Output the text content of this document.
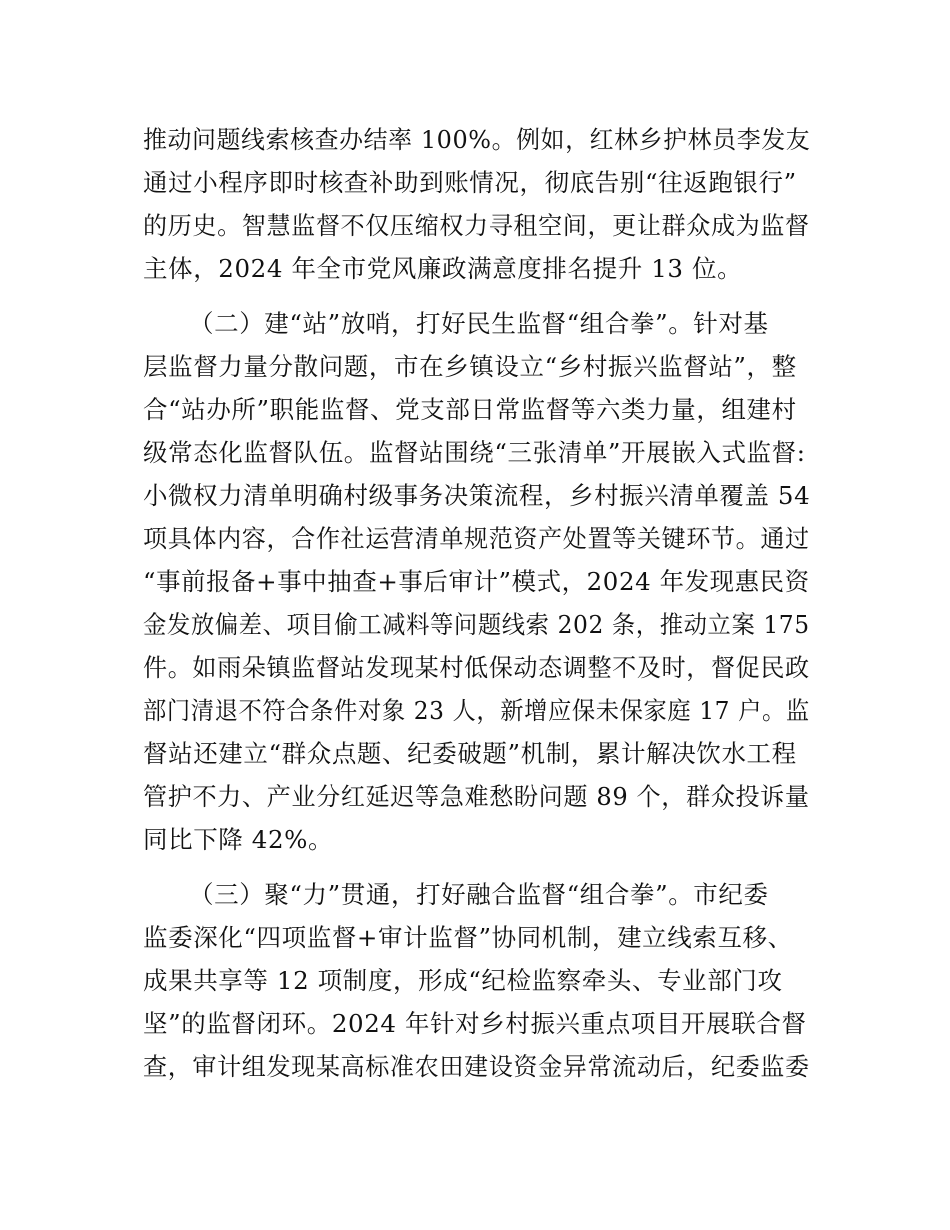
推动问题线索核查办结率 100%。例如，红林乡护林员李发友
通过小程序即时核查补助到账情况，彻底告别“往返跑银行”
的历史。智慧监督不仅压缩权力寻租空间，更让群众成为监督
主体，2024 年全市党风廉政满意度排名提升 13 位。
（二）建“站”放哨，打好民生监督“组合拳”。针对基
层监督力量分散问题，市在乡镇设立“乡村振兴监督站”，整
合“站办所”职能监督、党支部日常监督等六类力量，组建村
级常态化监督队伍。监督站围绕“三张清单”开展嵌入式监督:
小微权力清单明确村级事务决策流程，乡村振兴清单覆盖 54
项具体内容，合作社运营清单规范资产处置等关键环节。通过
“事前报备+事中抽查+事后审计”模式，2024 年发现惠民资
金发放偏差、项目偷工减料等问题线索 202 条，推动立案 175
件。如雨朵镇监督站发现某村低保动态调整不及时，督促民政
部门清退不符合条件对象 23 人，新增应保未保家庭 17 户。监
督站还建立“群众点题、纪委破题”机制，累计解决饮水工程
管护不力、产业分红延迟等急难愁盼问题 89 个，群众投诉量
同比下降 42%。
（三）聚“力”贯通，打好融合监督“组合拳”。市纪委
监委深化“四项监督+审计监督”协同机制，建立线索互移、
成果共享等 12 项制度，形成“纪检监察牵头、专业部门攻
坚”的监督闭环。2024 年针对乡村振兴重点项目开展联合督
查，审计组发现某高标准农田建设资金异常流动后，纪委监委
